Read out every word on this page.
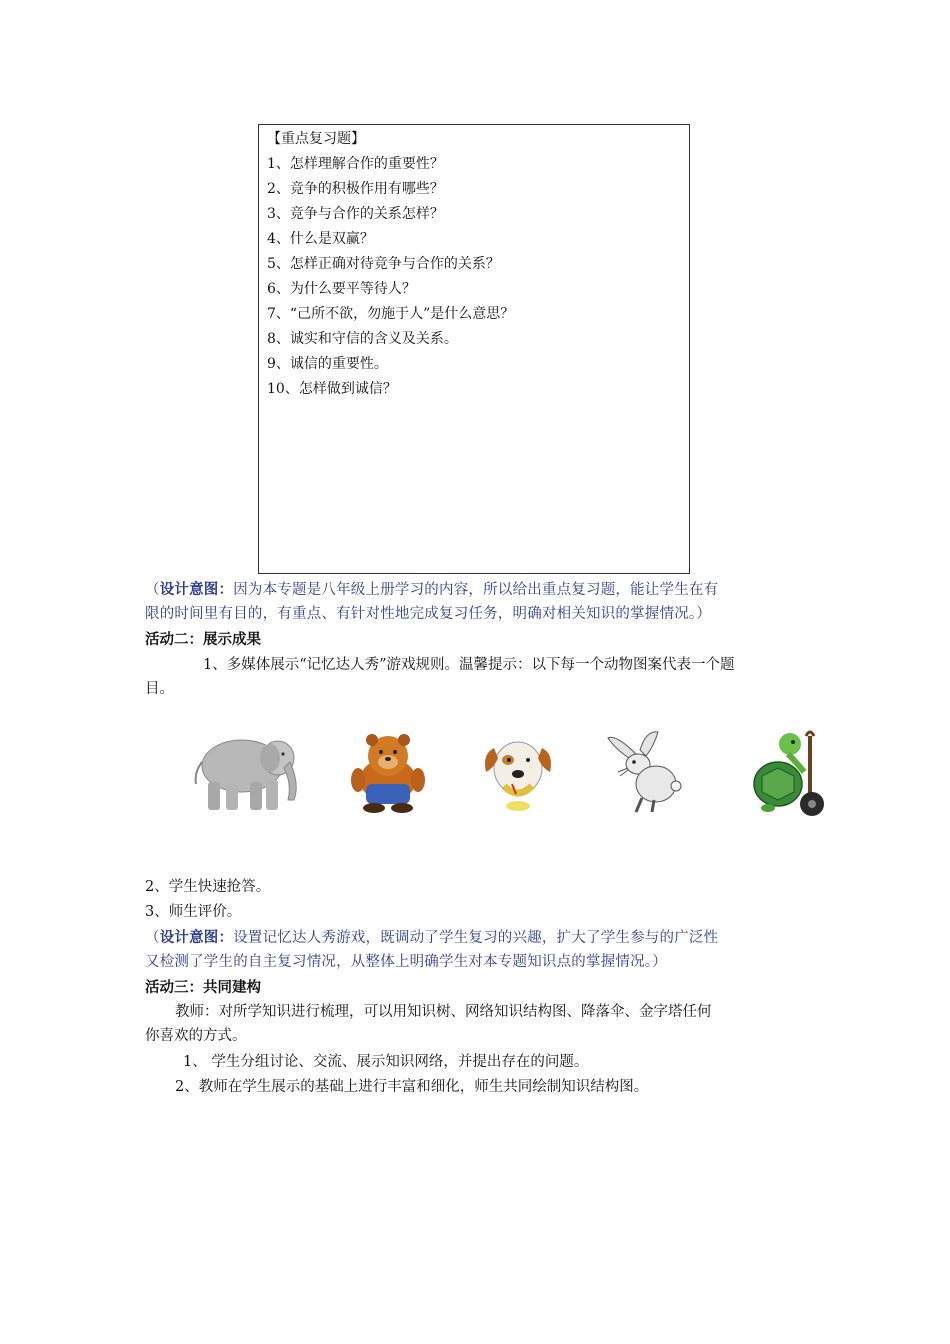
【重点复习题】
1、怎样理解合作的重要性？
2、竞争的积极作用有哪些？
3、竞争与合作的关系怎样？
4、什么是双赢？
5、怎样正确对待竞争与合作的关系？
6、为什么要平等待人？
7、“己所不欲，勿施于人”是什么意思？
8、诚实和守信的含义及关系。
9、诚信的重要性。
10、怎样做到诚信？
（设计意图：因为本专题是八年级上册学习的内容，所以给出重点复习题，能让学生在有
限的时间里有目的，有重点、有针对性地完成复习任务，明确对相关知识的掌握情况。）
活动二：展示成果
1、多媒体展示“记忆达人秀”游戏规则。温馨提示：以下每一个动物图案代表一个题
目。
2、学生快速抢答。
3、师生评价。
（设计意图：设置记忆达人秀游戏，既调动了学生复习的兴趣，扩大了学生参与的广泛性
又检测了学生的自主复习情况，从整体上明确学生对本专题知识点的掌握情况。）
活动三：共同建构
教师：对所学知识进行梳理，可以用知识树、网络知识结构图、降落伞、金字塔任何
你喜欢的方式。
1、 学生分组讨论、交流、展示知识网络，并提出存在的问题。
2、教师在学生展示的基础上进行丰富和细化，师生共同绘制知识结构图。
